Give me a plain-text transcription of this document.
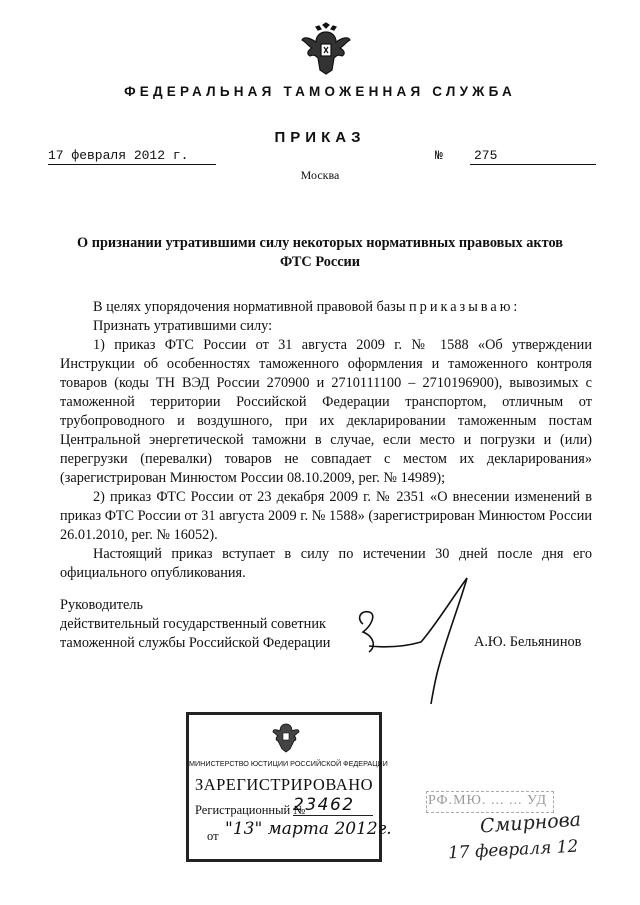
ФЕДЕРАЛЬНАЯ ТАМОЖЕННАЯ СЛУЖБА
ПРИКАЗ
17 февраля 2012 г.	№	275
Москва
О признании утратившими силу некоторых нормативных правовых актов
ФТС России

В целях упорядочения нормативной правовой базы приказываю:

Признать утратившими силу:

1) приказ ФТС России от 31 августа 2009 г. № 1588 «Об утверждении Инструкции об особенностях таможенного оформления и таможенного контроля товаров (коды ТН ВЭД России 270900 и 2710111100 – 2710196900), вывозимых с таможенной территории Российской Федерации транспортом, отличным от трубопроводного и воздушного, при их декларировании таможенным постам Центральной энергетической таможни в случае, если место и погрузки и (или) перегрузки (перевалки) товаров не совпадает с местом их декларирования» (зарегистрирован Минюстом России 08.10.2009, рег. № 14989);

2) приказ ФТС России от 23 декабря 2009 г. № 2351 «О внесении изменений в приказ ФТС России от 31 августа 2009 г. № 1588» (зарегистрирован Минюстом России 26.01.2010, рег. № 16052).

Настоящий приказ вступает в силу по истечении 30 дней после дня его официального опубликования.

Руководитель
действительный государственный советник
таможенной службы Российской Федерации	А.Ю. Бельянинов
МИНИСТЕРСТВО ЮСТИЦИИ РОССИЙСКОЙ ФЕДЕРАЦИИ
ЗАРЕГИСТРИРОВАНО
Регистрационный №
23462
от "13" марта 2012г.
РФ.МЮ. ... ... УД
Смирнова
17 февраля 12
